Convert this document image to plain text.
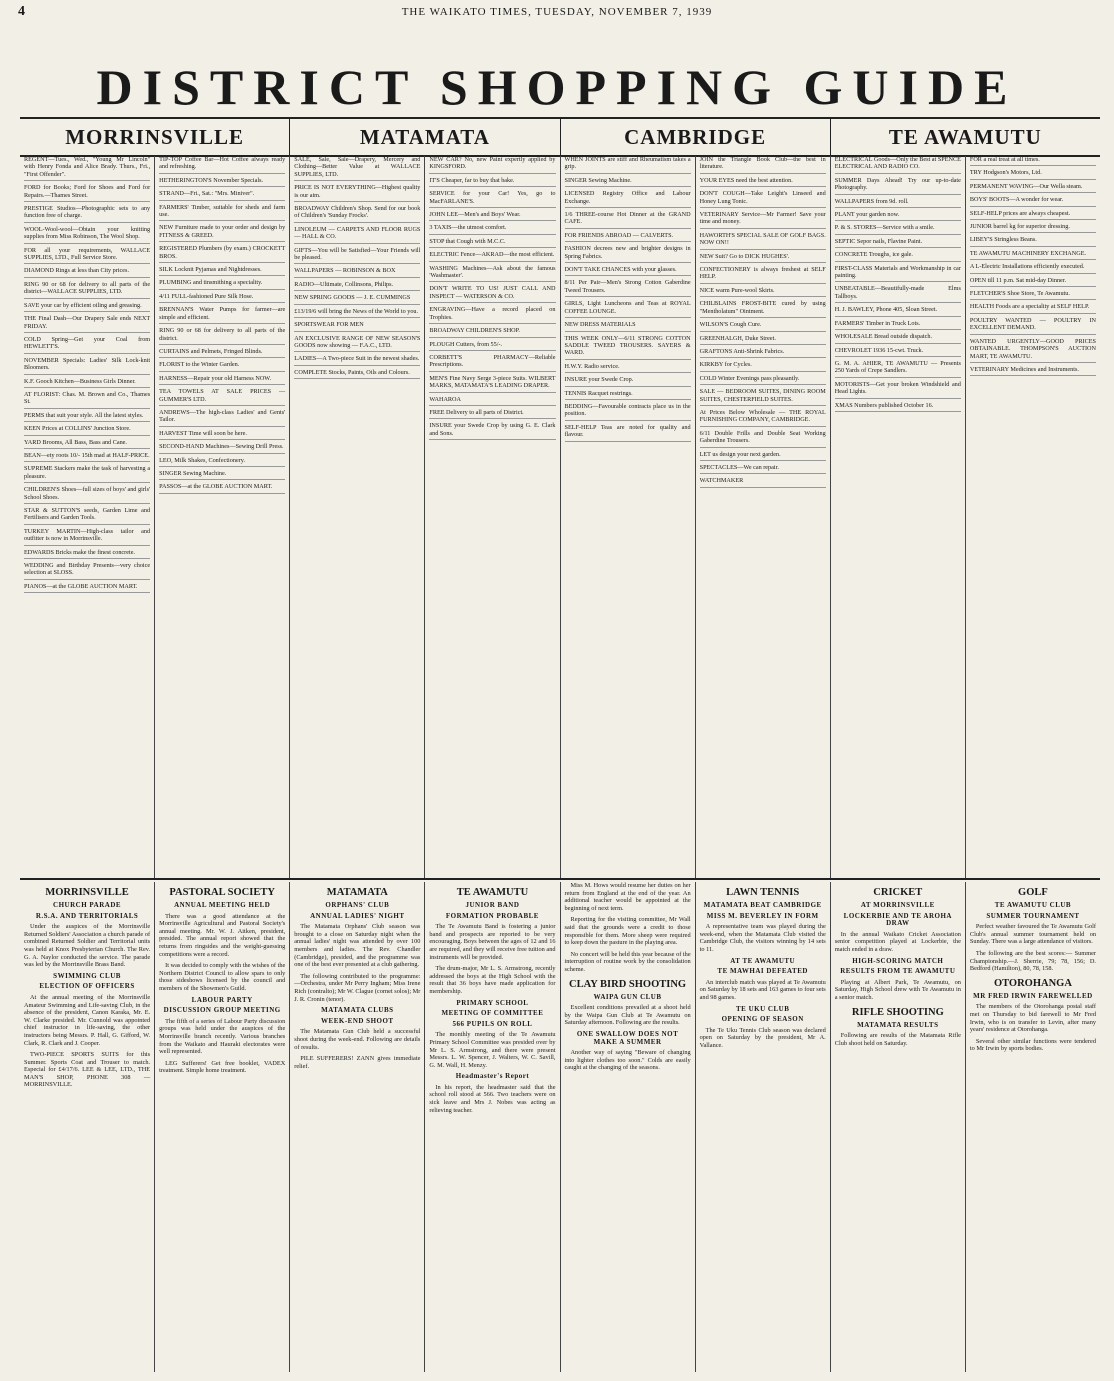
4	THE WAIKATO TIMES, TUESDAY, NOVEMBER 7, 1939
DISTRICT SHOPPING GUIDE
MORRINSVILLE	MATAMATA	CAMBRIDGE	TE AWAMUTU
REGENT—Tues., Wed., "Young Mr Lincoln" with Henry Fonda and Alice Brady. Thurs., Fri., "First Offender".
FORD for Books; Ford for Shoes and Ford for Repairs.—Thames Street.
PRESTIGE Studios—Photographic sets to any function free of charge.
WOOL-Wool-wool—Obtain your knitting supplies from Miss Robinson, The Wool Shop.
FOR all your requirements, WALLACE SUPPLIES, LTD., Full Service Store.
DIAMOND Rings at less than City prices.
RING 90 or 68 for delivery to all parts of the district—WALLACE SUPPLIES, LTD.
SAVE your car by efficient oiling and greasing.
THE Final Dash—Our Drapery Sale ends NEXT FRIDAY.
COLD Spring—Get your Coal from HEWLETT'S.
NOVEMBER Specials: Ladies' Silk Lock-knit Bloomers.
K.F. Gooch Kitchen—Business Girls Dinner.
AT FLORIST: Chas. M. Brown and Co., Thames St.
PERMS that suit your style. All the latest styles.
KEEN Prices at COLLINS' Junction Store.
YARD Brooms, All Bass, Bass and Cane.
BEAN—ety roots 10/- 15th mad at HALF-PRICE.
SUPREME Stackers make the task of harvesting a pleasure.
CHILDREN'S Shoes—full sizes of boys' and girls' School Shoes.
STAR & SUTTON'S seeds, Garden Lime and Fertilisers and Garden Tools.
TURKEY MARTIN—High-class tailor and outfitter is now in Morrinsville.
EDWARDS Bricks make the finest concrete.
WEDDING and Birthday Presents—very choice selection at SLOSS.
PIANOS—at the GLOBE AUCTION MART.
TIP-TOP Coffee Bar—Hot Coffee always ready and refreshing.
HETHERINGTON'S November Specials.
STRAND—Fri., Sat.: "Mrs. Miniver".
FARMERS' Timber, suitable for sheds and farm use.
NEW Furniture made to your order and design by FITNESS & GREED.
REGISTERED Plumbers (by exam.) CROCKETT BROS.
SILK Locknit Pyjamas and Nightdresses.
PLUMBING and tinsmithing a speciality.
4/11 FULL-fashioned Pure Silk Hose.
BRENNAN'S Water Pumps for farmer—are simple and efficient.
RING 90 or 68 for delivery to all parts of the district.
CURTAINS and Pelmets, Fringed Blinds.
FLORIST to the Winter Garden.
HARNESS—Repair your old Harness NOW.
TEA TOWELS AT SALE PRICES — GUMMER'S LTD.
ANDREWS—The high-class Ladies' and Gents' Tailor.
HARVEST Time will soon be here.
SECOND-HAND Machines—Sewing Drill Press.
LEO, Milk Shakes, Confectionery.
SINGER Sewing Machine.
PASSOS—at the GLOBE AUCTION MART.
SALE, Sale, Sale—Drapery, Mercery and Clothing—Better Value at WALLACE SUPPLIES, LTD.
PRICE IS NOT EVERYTHING—Highest quality is our aim.
BROADWAY Children's Shop. Send for our book of Children's 'Sunday Frocks'.
LINOLEUM — CARPETS AND FLOOR RUGS — HALL & CO.
GIFTS—You will be Satisfied—Your Friends will be pleased.
WALLPAPERS — ROBINSON & BOX
RADIO—Ultimate, Collinsons, Philips.
NEW SPRING GOODS — J. E. CUMMINGS
£13/19/6 will bring the News of the World to you.
SPORTSWEAR FOR MEN
AN EXCLUSIVE RANGE OF NEW SEASON'S GOODS now showing — F.A.C., LTD.
LADIES—A Two-piece Suit in the newest shades.
COMPLETE Stocks, Paints, Oils and Colours.
NEW CAR? No, new Paint expertly applied by KINGSFORD.
IT'S Cheaper, far to buy that bake.
SERVICE for your Car! Yes, go to MacFARLANE'S.
JOHN LEE—Men's and Boys' Wear.
3 TAXIS—the utmost comfort.
STOP that Cough with M.C.C.
ELECTRIC Fence—AKRAD—the most efficient.
WASHING Machines—Ask about the famous 'Washmaster'.
DON'T WRITE TO US! JUST CALL AND INSPECT — WATERSON & CO.
ENGRAVING—Have a record placed on Trophies.
BROADWAY CHILDREN'S SHOP.
PLOUGH Cutters, from 55/-.
CORBETT'S PHARMACY—Reliable Prescriptions.
MEN'S Fine Navy Serge 3-piece Suits. WILBERT MARKS, MATAMATA'S LEADING DRAPER.
WAHAROA
FREE Delivery to all parts of District.
INSURE your Swede Crop by using G. E. Clark and Sons.
WHEN JOINTS are stiff and Rheumatism takes a grip.
SINGER Sewing Machine.
LICENSED Registry Office and Labour Exchange.
1/6 THREE-course Hot Dinner at the GRAND CAFE.
FOR FRIENDS ABROAD — CALVERTS.
FASHION decrees new and brighter designs in Spring Fabrics.
DON'T TAKE CHANCES with your glasses.
8/11 Per Pair—Men's Strong Cotton Gaberdine Tweed Trousers.
GIRLS, Light Luncheons and Teas at ROYAL COFFEE LOUNGE.
NEW DRESS MATERIALS
THIS WEEK ONLY—6/11 STRONG COTTON SADDLE TWEED TROUSERS. SAYERS & WARD.
H.W.Y. Radio service.
INSURE your Swede Crop.
TENNIS Racquet restrings.
BEDDING—Favourable contracts place us in the position.
SELF-HELP Teas are noted for quality and flavour.
JOIN the Triangle Book Club—the best in literature.
YOUR EYES need the best attention.
DON'T COUGH—Take Leight's Linseed and Honey Lung Tonic.
VETERINARY Service—Mr Farmer! Save your time and money.
HAWORTH'S SPECIAL SALE OF GOLF BAGS. NOW ON!!
NEW Suit? Go to DICK HUGHES'.
CONFECTIONERY is always freshest at SELF HELP.
NICE warm Pure-wool Skirts.
CHILBLAINS FROST-BITE cured by using "Mentholatum" Ointment.
WILSON'S Cough Cure.
GREENHALGH, Duke Street.
GRAFTONS Anti-Shrink Fabrics.
KIRKBY for Cycles.
COLD Winter Evenings pass pleasantly.
SALE — BEDROOM SUITES, DINING ROOM SUITES, CHESTERFIELD SUITES.
At Prices Below Wholesale — THE ROYAL FURNISHING COMPANY, CAMBRIDGE.
6/11 Double Frills and Double Seat Working Gaberdine Trousers.
LET us design your next garden.
SPECTACLES—We can repair.
WATCHMAKER
ELECTRICAL Goods—Only the Best at SPENCE ELECTRICAL AND RADIO CO.
SUMMER Days Ahead! Try our up-to-date Photography.
WALLPAPERS from 9d. roll.
PLANT your garden now.
P. & S. STORES—Service with a smile.
SEPTIC Sepor nails, Flavine Paint.
CONCRETE Troughs, ice gale.
FIRST-CLASS Materials and Workmanship in car painting.
UNBEATABLE—Beautifully-made Elms Tallboys.
H. J. BAWLEY, Phone 405, Sloan Street.
FARMERS' Timber in Truck Lots.
WHOLESALE Bread outside dispatch.
CHEVROLET 1936 15-cwt. Truck.
G. M. A. AHIER, TE AWAMUTU — Presents 250 Yards of Crepe Sandlers.
MOTORISTS—Get your broken Windshield and Head Lights.
XMAS Numbers published October 16.
FOR a real treat at all times.
TRY Hodgson's Motors, Ltd.
PERMANENT WAVING—Our Wella steam.
BOYS' BOOTS—A wonder for wear.
SELF-HELP prices are always cheapest.
JUNIOR barrel kg for superior dressing.
LIBEY'S Stringless Beans.
TE AWAMUTU MACHINERY EXCHANGE.
A L-Electric Installations efficiently executed.
OPEN till 11 p.m. Sat mid-day Dinner.
FLETCHER'S Shoe Store, Te Awamutu.
HEALTH Foods are a speciality at SELF HELP.
POULTRY WANTED — POULTRY IN EXCELLENT DEMAND.
WANTED URGENTLY—GOOD PRICES OBTAINABLE. THOMPSON'S AUCTION MART, TE AWAMUTU.
VETERINARY Medicines and Instruments.
MORRINSVILLE
CHURCH PARADE
R.S.A. AND TERRITORIALS
Under the auspices of the Morrinsville Returned Soldiers' Association a church parade of combined Returned Soldier and Territorial units was held at Knox Presbyterian Church. The Rev. G. A. Naylor conducted the service. The parade was led by the Morrinsville Brass Band.
SWIMMING CLUB
ELECTION OF OFFICERS
At the annual meeting of the Morrinsville Amateur Swimming and Life-saving Club, in the absence of the president, Canon Karaka, Mr. E. W. Clarke presided. Mr. Cunnold was appointed chief instructor in life-saving, the other instructors being Messrs. P. Hall, G. Gifford, W. Clark, R. Clark and J. Cooper.
TWO-PIECE SPORTS SUITS for this Summer. Sports Coat and Trouser to match. Especial for £4/17/6. LEE & LEE, LTD., THE MAN'S SHOP, PHONE 308 — MORRINSVILLE.
PASTORAL SOCIETY
ANNUAL MEETING HELD
There was a good attendance at the Morrinsville Agricultural and Pastoral Society's annual meeting. Mr. W. J. Aitken, president, presided. The annual report showed that the returns from ringsides and the weight-guessing competitions were a record.
It was decided to comply with the wishes of the Northern District Council to allow spars to only those sideshows licensed by the council and members of the Showmen's Guild.
LABOUR PARTY
DISCUSSION GROUP MEETING
The fifth of a series of Labour Party discussion groups was held under the auspices of the Morrinsville branch recently. Various branches from the Waikato and Hauraki electorates were well represented.
LEG Sufferers! Get free booklet, VADEX treatment. Simple home treatment.
MATAMATA
ORPHANS' CLUB
ANNUAL LADIES' NIGHT
The Matamata Orphans' Club season was brought to a close on Saturday night when the annual ladies' night was attended by over 100 members and ladies. The Rev. Chandler (Cambridge), presided, and the programme was one of the best ever presented at a club gathering.
The following contributed to the programme:—Orchestra, under Mr Perry Ingham; Miss Irene Rich (contralto); Mr W. Clague (cornet solos); Mr J. R. Cronin (tenor).
MATAMATA CLUBS
WEEK-END SHOOT
The Matamata Gun Club held a successful shoot during the week-end. Following are details of results.
PILE SUFFERERS! ZANN gives immediate relief.
TE AWAMUTU
JUNIOR BAND
FORMATION PROBABLE
The Te Awamutu Band is fostering a junior band and prospects are reported to be very encouraging. Boys between the ages of 12 and 16 are required, and they will receive free tuition and instruments will be provided.
The drum-major, Mr L. S. Armstrong, recently addressed the boys at the High School with the result that 36 boys have made application for membership.
PRIMARY SCHOOL
MEETING OF COMMITTEE
566 PUPILS ON ROLL
The monthly meeting of the Te Awamutu Primary School Committee was presided over by Mr L. S. Armstrong, and there were present Messrs. L. W. Spencer, J. Walters, W. C. Savill, G. M. Wall, H. Menzy.
Headmaster's Report
In his report, the headmaster said that the school roll stood at 566. Two teachers were on sick leave and Mrs J. Nobes was acting as relieving teacher.
Miss M. Hows would resume her duties on her return from England at the end of the year. An additional teacher would be appointed at the beginning of next term.
Reporting for the visiting committee, Mr Wall said that the grounds were a credit to those responsible for them. More sheep were required to keep down the pasture in the playing area.
No concert will be held this year because of the interruption of routine work by the consolidation scheme.
CLAY BIRD SHOOTING
WAIPA GUN CLUB
Excellent conditions prevailed at a shoot held by the Waipa Gun Club at Te Awamutu on Saturday afternoon. Following are the results.
ONE SWALLOW DOES NOT MAKE A SUMMER
Another way of saying "Beware of changing into lighter clothes too soon." Colds are easily caught at the changing of the seasons.
LAWN TENNIS
MATAMATA BEAT CAMBRIDGE
MISS M. BEVERLEY IN FORM
A representative team was played during the week-end, when the Matamata Club visited the Cambridge Club, the visitors winning by 14 sets to 11.
AT TE AWAMUTU
TE MAWHAI DEFEATED
An interclub match was played at Te Awamutu on Saturday by 18 sets and 163 games to four sets and 98 games.
TE UKU CLUB
OPENING OF SEASON
The Te Uku Tennis Club season was declared open on Saturday by the president, Mr A. Vallance.
CRICKET
AT MORRINSVILLE
LOCKERBIE AND TE AROHA DRAW
In the annual Waikato Cricket Association senior competition played at Lockerbie, the match ended in a draw.
HIGH-SCORING MATCH
RESULTS FROM TE AWAMUTU
Playing at Albert Park, Te Awamutu, on Saturday, High School drew with Te Awamutu in a senior match.
RIFLE SHOOTING
MATAMATA RESULTS
Following are results of the Matamata Rifle Club shoot held on Saturday.
GOLF
TE AWAMUTU CLUB
SUMMER TOURNAMENT
Perfect weather favoured the Te Awamutu Golf Club's annual summer tournament held on Sunday. There was a large attendance of visitors.
The following are the best scores:— Summer Championship.—J. Sherrie, 79; 78, 156; D. Bedford (Hamilton), 80, 78, 158.
OTOROHANGA
MR FRED IRWIN FAREWELLED
The members of the Otorohanga postal staff met on Thursday to bid farewell to Mr Fred Irwin, who is on transfer to Levin, after many years' residence at Otorohanga.
Several other similar functions were tendered to Mr Irwin by sports bodies.
